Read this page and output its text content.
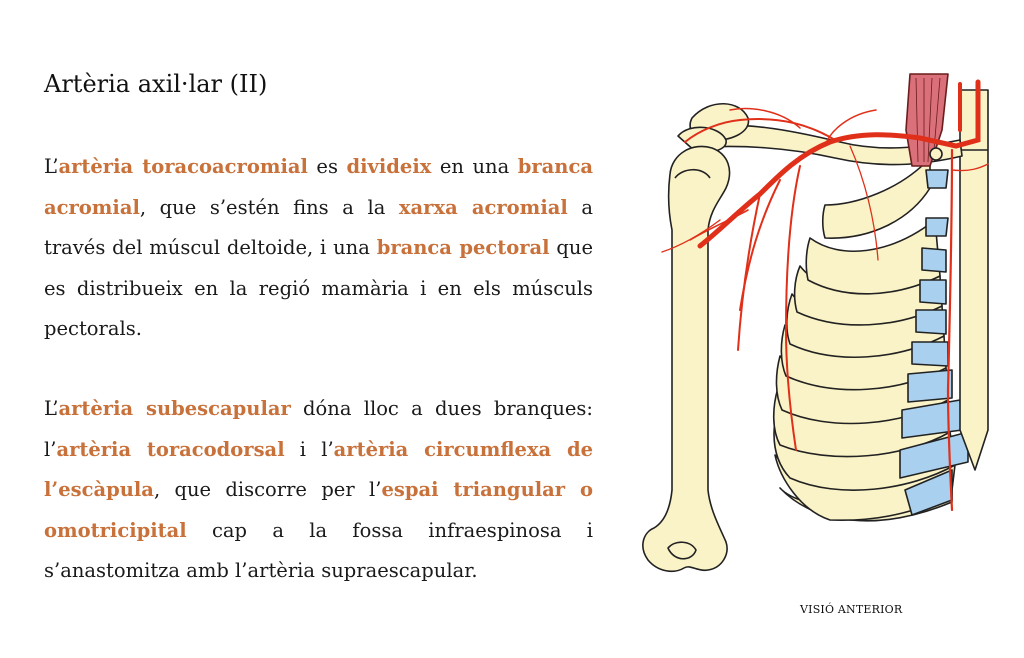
Artèria axil·lar (II)

L’artèria toracoacromial es divideix en una branca acromial, que s’estén fins a la xarxa acromial a través del múscul deltoide, i una branca pectoral que es distribueix en la regió mamària i en els músculs pectorals.

L’artèria subescapular dóna lloc a dues branques: l’artèria toracodorsal i l’artèria circumflexa de l’escàpula, que discorre per l’espai triangular o omotricipital cap a la fossa infraespinosa i s’anastomitza amb l’artèria supraescapular.

VISIÓ ANTERIOR
